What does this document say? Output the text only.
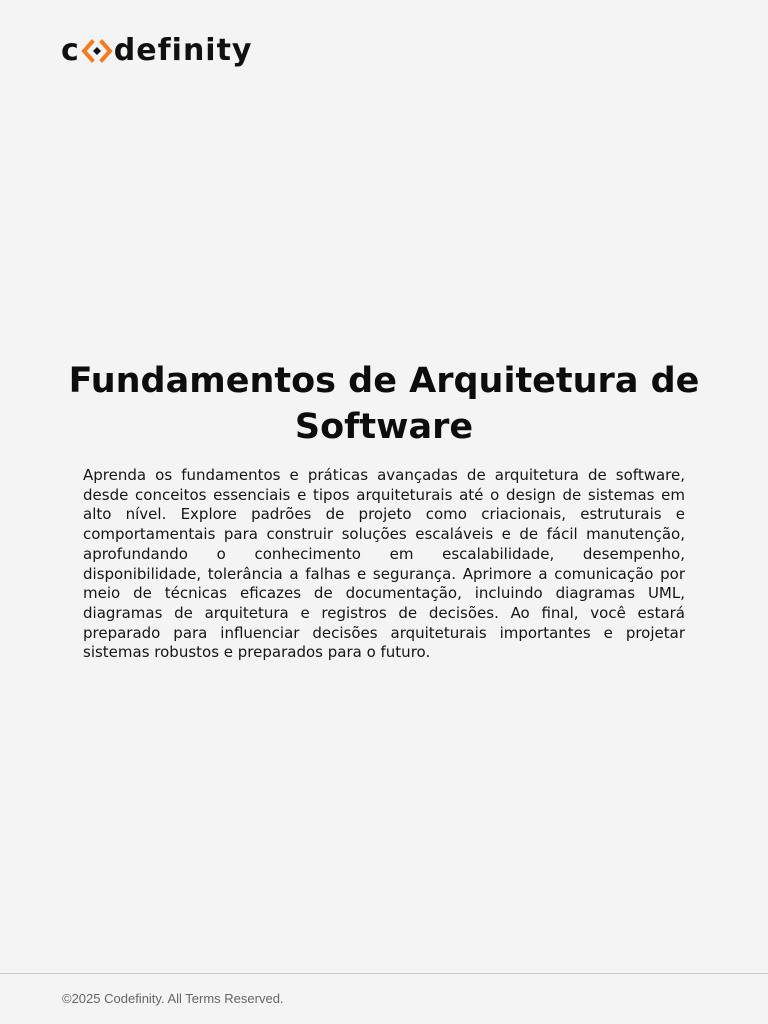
c definity
Fundamentos de Arquitetura de Software

Aprenda os fundamentos e práticas avançadas de arquitetura de software, desde conceitos essenciais e tipos arquiteturais até o design de sistemas em alto nível. Explore padrões de projeto como criacionais, estruturais e comportamentais para construir soluções escaláveis e de fácil manutenção, aprofundando o conhecimento em escalabilidade, desempenho, disponibilidade, tolerância a falhas e segurança. Aprimore a comunicação por meio de técnicas eficazes de documentação, incluindo diagramas UML, diagramas de arquitetura e registros de decisões. Ao final, você estará preparado para influenciar decisões arquiteturais importantes e projetar sistemas robustos e preparados para o futuro.

©2025 Codefinity. All Terms Reserved.
